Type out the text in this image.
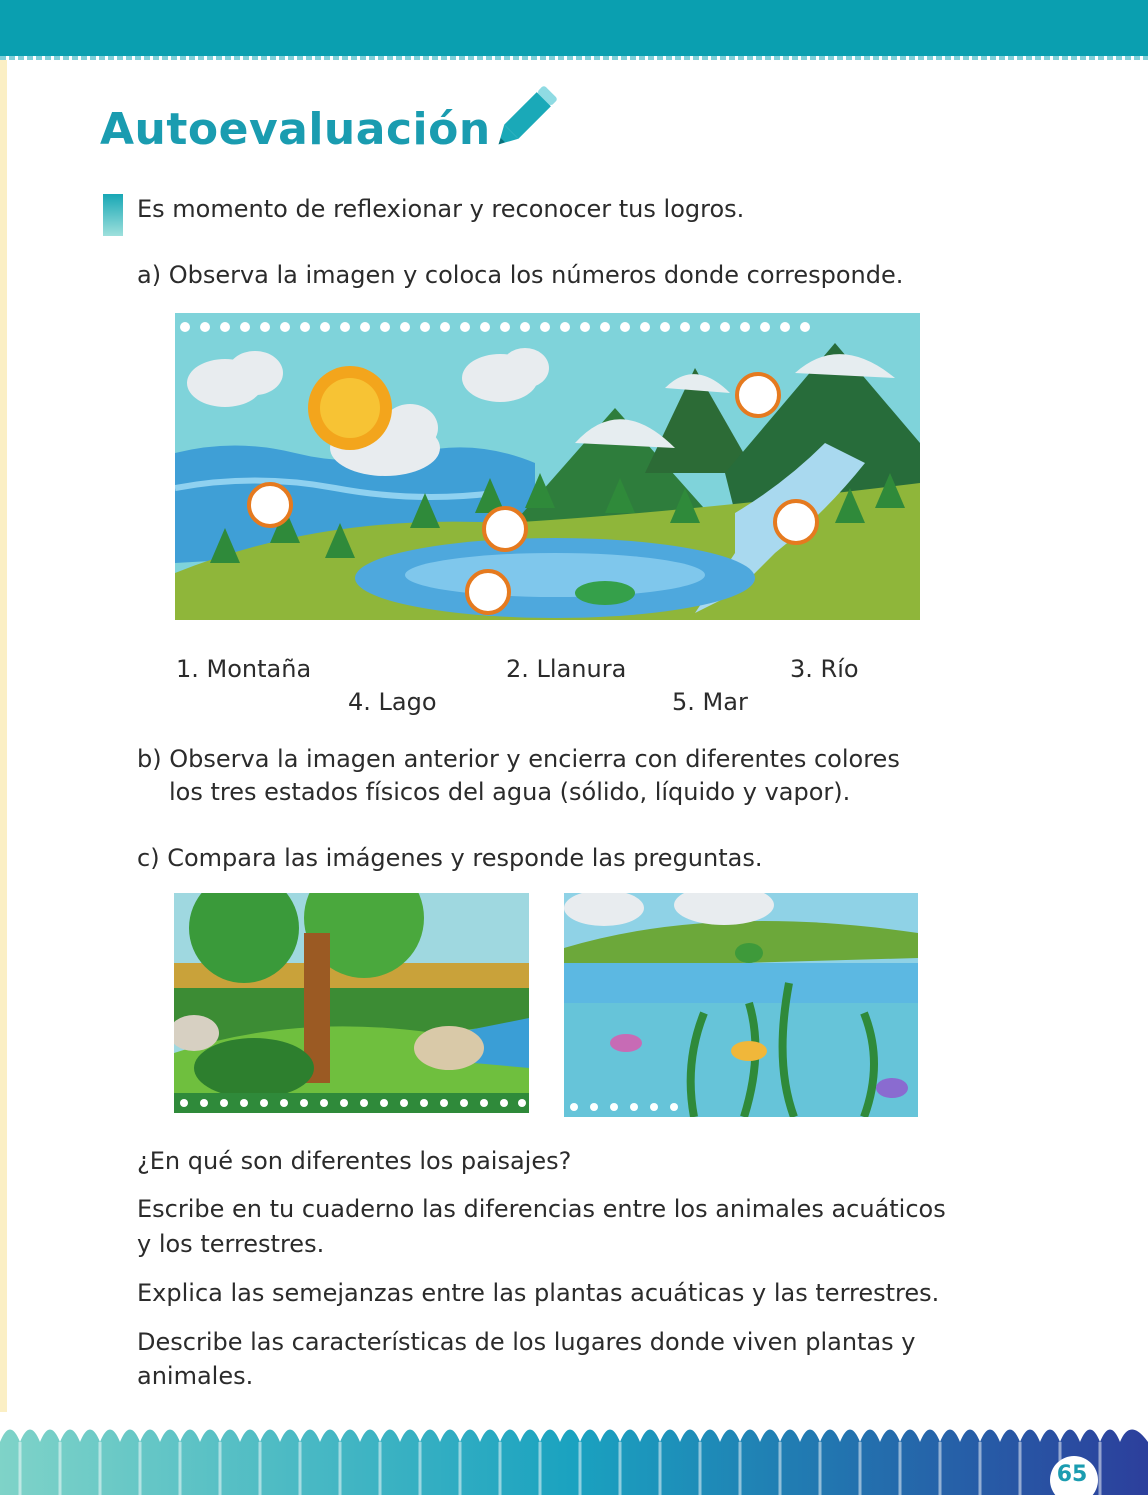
Autoevaluación
Es momento de reflexionar y reconocer tus logros.
a) Observa la imagen y coloca los números donde corresponde.
1. Montaña	2. Llanura	3. Río
4. Lago	5. Mar
b) Observa la imagen anterior y encierra con diferentes colores
los tres estados físicos del agua (sólido, líquido y vapor).
c) Compara las imágenes y responde las preguntas.
¿En qué son diferentes los paisajes?
Escribe en tu cuaderno las diferencias entre los animales acuáticos
y los terrestres.
Explica las semejanzas entre las plantas acuáticas y las terrestres.
Describe las características de los lugares donde viven plantas y
animales.
65
